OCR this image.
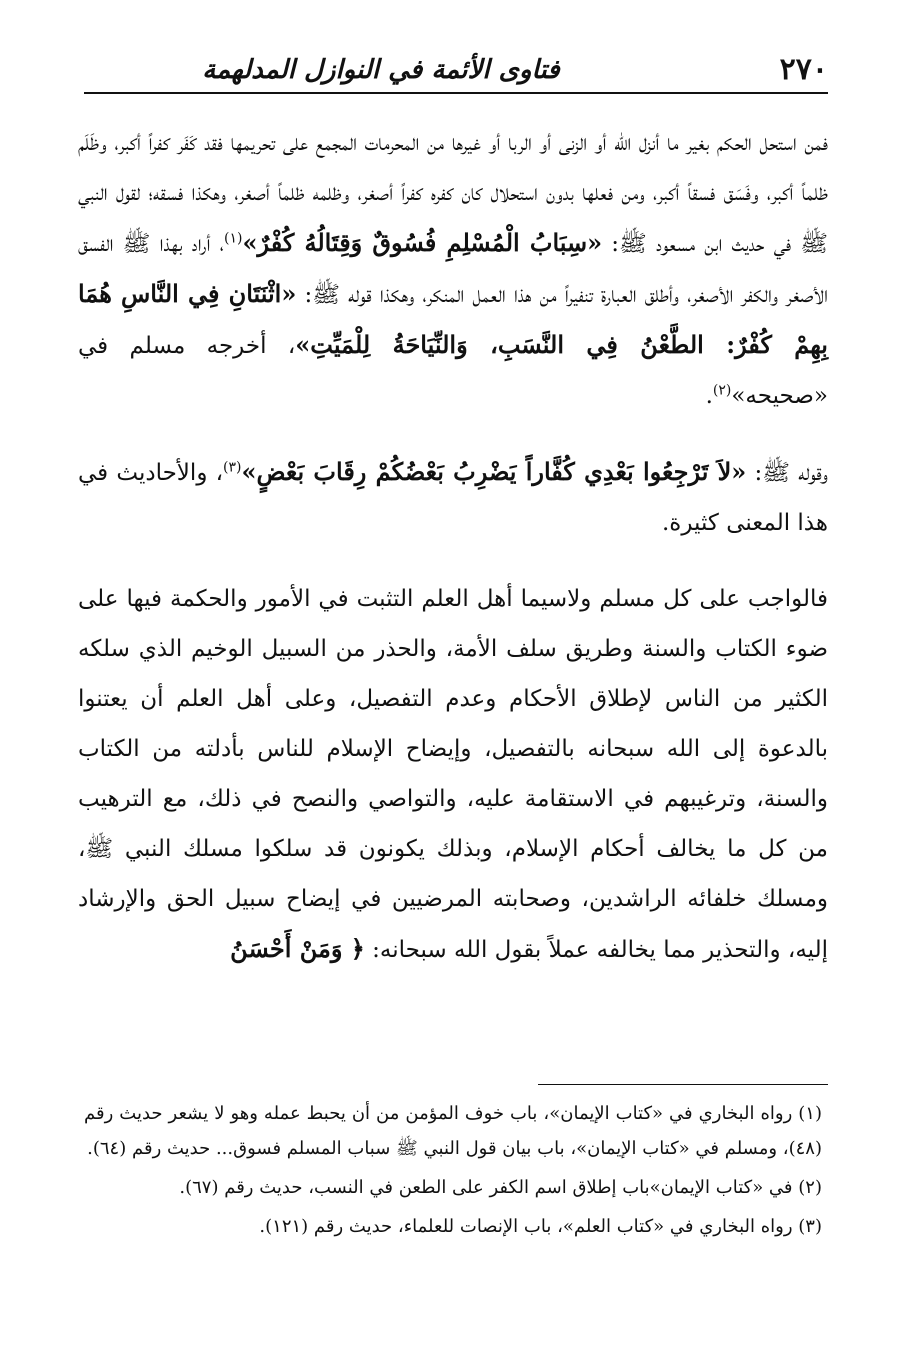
٢٧٠
فتاوى الأئمة في النوازل المدلهمة

فمن استحل الحكم بغير ما أنزل الله أو الزنى أو الربا أو غيرها من المحرمات المجمع على تحريمها فقد كَفَر كفراً أكبر، وظَلَم ظلماً أكبر، وفَسَق فسقاً أكبر، ومن فعلها بدون استحلال كان كفره كفراً أصغر، وظلمه ظلماً أصغر، وهكذا فسقه؛ لقول النبي ﷺ في حديث ابن مسعود ﷺ: «سِبَابُ الْمُسْلِمِ فُسُوقٌ وَقِتَالُهُ كُفْرٌ»$^{(١)}$، أراد بهذا ﷺ الفسق الأصغر والكفر الأصغر، وأطلق العبارة تنفيراً من هذا العمل المنكر، وهكذا قوله ﷺ: «اثْنَتَانِ فِي النَّاسِ هُمَا بِهِمْ كُفْرٌ: الطَّعْنُ فِي النَّسَبِ، وَالنِّيَاحَةُ لِلْمَيِّتِ»، أخرجه مسلم في «صحيحه»$^{(٢)}$.

وقوله ﷺ: «لاَ تَرْجِعُوا بَعْدِي كُفَّاراً يَضْرِبُ بَعْضُكُمْ رِقَابَ بَعْضٍ»$^{(٣)}$، والأحاديث في هذا المعنى كثيرة.

فالواجب على كل مسلم ولاسيما أهل العلم التثبت في الأمور والحكمة فيها على ضوء الكتاب والسنة وطريق سلف الأمة، والحذر من السبيل الوخيم الذي سلكه الكثير من الناس لإطلاق الأحكام وعدم التفصيل، وعلى أهل العلم أن يعتنوا بالدعوة إلى الله سبحانه بالتفصيل، وإيضاح الإسلام للناس بأدلته من الكتاب والسنة، وترغيبهم في الاستقامة عليه، والتواصي والنصح في ذلك، مع الترهيب من كل ما يخالف أحكام الإسلام، وبذلك يكونون قد سلكوا مسلك النبي ﷺ، ومسلك خلفائه الراشدين، وصحابته المرضيين في إيضاح سبيل الحق والإرشاد إليه، والتحذير مما يخالفه عملاً بقول الله سبحانه: ﴿ وَمَنْ أَحْسَنُ

(١) رواه البخاري في «كتاب الإيمان»، باب خوف المؤمن من أن يحبط عمله وهو لا يشعر حديث رقم (٤٨)، ومسلم في «كتاب الإيمان»، باب بيان قول النبي ﷺ سباب المسلم فسوق... حديث رقم (٦٤).

(٢) في «كتاب الإيمان»باب إطلاق اسم الكفر على الطعن في النسب، حديث رقم (٦٧).

(٣) رواه البخاري في «كتاب العلم»، باب الإنصات للعلماء، حديث رقم (١٢١).
